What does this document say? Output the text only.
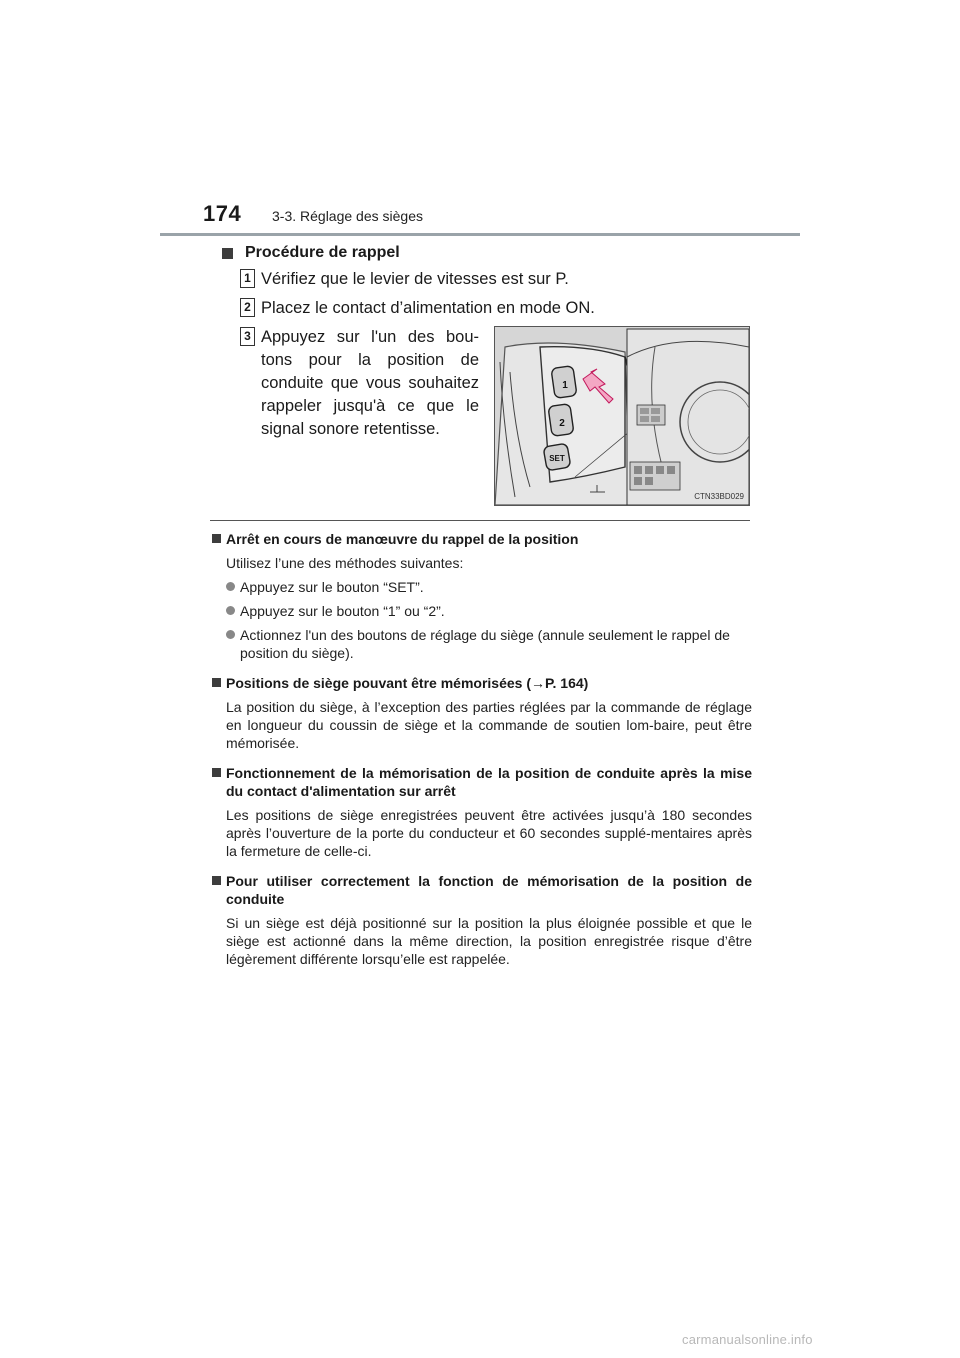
174 3-3. Réglage des sièges
Procédure de rappel
1 Vérifiez que le levier de vitesses est sur P.
2 Placez le contact d’alimentation en mode ON.
3 Appuyez sur l'un des bou-tons pour la position de conduite que vous souhaitez rappeler jusqu'à ce que le signal sonore retentisse.
1
2
SET
CTN33BD029
Arrêt en cours de manœuvre du rappel de la position
Utilisez l’une des méthodes suivantes:
Appuyez sur le bouton “SET”.
Appuyez sur le bouton “1” ou “2”.
Actionnez l'un des boutons de réglage du siège (annule seulement le rappel de position du siège).
Positions de siège pouvant être mémorisées (→P. 164)
La position du siège, à l’exception des parties réglées par la commande de réglage en longueur du coussin de siège et la commande de soutien lom-baire, peut être mémorisée.
Fonctionnement de la mémorisation de la position de conduite après la mise du contact d'alimentation sur arrêt
Les positions de siège enregistrées peuvent être activées jusqu’à 180 secondes après l’ouverture de la porte du conducteur et 60 secondes supplé-mentaires après la fermeture de celle-ci.
Pour utiliser correctement la fonction de mémorisation de la position de conduite
Si un siège est déjà positionné sur la position la plus éloignée possible et que le siège est actionné dans la même direction, la position enregistrée risque d’être légèrement différente lorsqu’elle est rappelée.
carmanualsonline.info
